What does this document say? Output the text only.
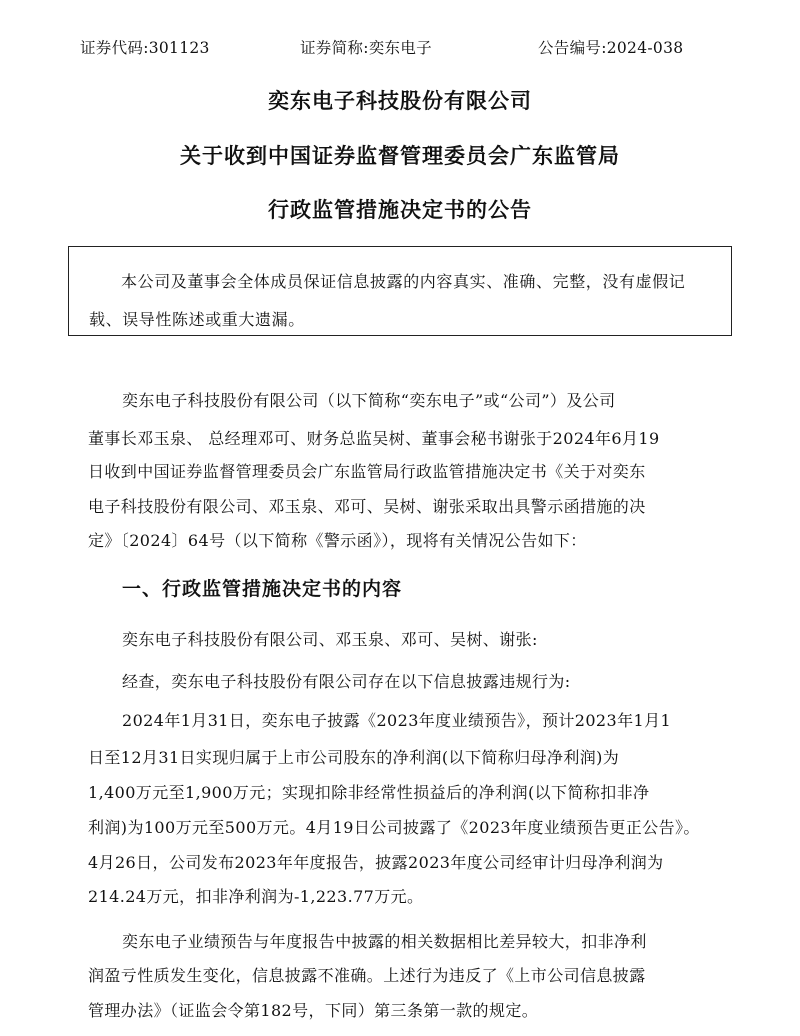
证券代码:301123	证券简称:奕东电子	公告编号:2024-038
奕东电子科技股份有限公司
关于收到中国证券监督管理委员会广东监管局
行政监管措施决定书的公告
本公司及董事会全体成员保证信息披露的内容真实、准确、完整，没有虚假记载、误导性陈述或重大遗漏。
奕东电子科技股份有限公司（以下简称“奕东电子”或“公司”）及公司
董事长邓玉泉、 总经理邓可、财务总监吴树、董事会秘书谢张于2024年6月19
日收到中国证券监督管理委员会广东监管局行政监管措施决定书《关于对奕东
电子科技股份有限公司、邓玉泉、邓可、吴树、谢张采取出具警示函措施的决
定》〔2024〕64号（以下简称《警示函》），现将有关情况公告如下：
一、行政监管措施决定书的内容
奕东电子科技股份有限公司、邓玉泉、邓可、吴树、谢张:
经查，奕东电子科技股份有限公司存在以下信息披露违规行为:
2024年1月31日，奕东电子披露《2023年度业绩预告》，预计2023年1月1
日至12月31日实现归属于上市公司股东的净利润(以下简称归母净利润)为
1,400万元至1,900万元；实现扣除非经常性损益后的净利润(以下简称扣非净
利润)为100万元至500万元。4月19日公司披露了《2023年度业绩预告更正公告》。
4月26日，公司发布2023年年度报告，披露2023年度公司经审计归母净利润为
214.24万元，扣非净利润为-1,223.77万元。
奕东电子业绩预告与年度报告中披露的相关数据相比差异较大，扣非净利
润盈亏性质发生变化，信息披露不准确。上述行为违反了《上市公司信息披露
管理办法》（证监会令第182号，下同）第三条第一款的规定。
